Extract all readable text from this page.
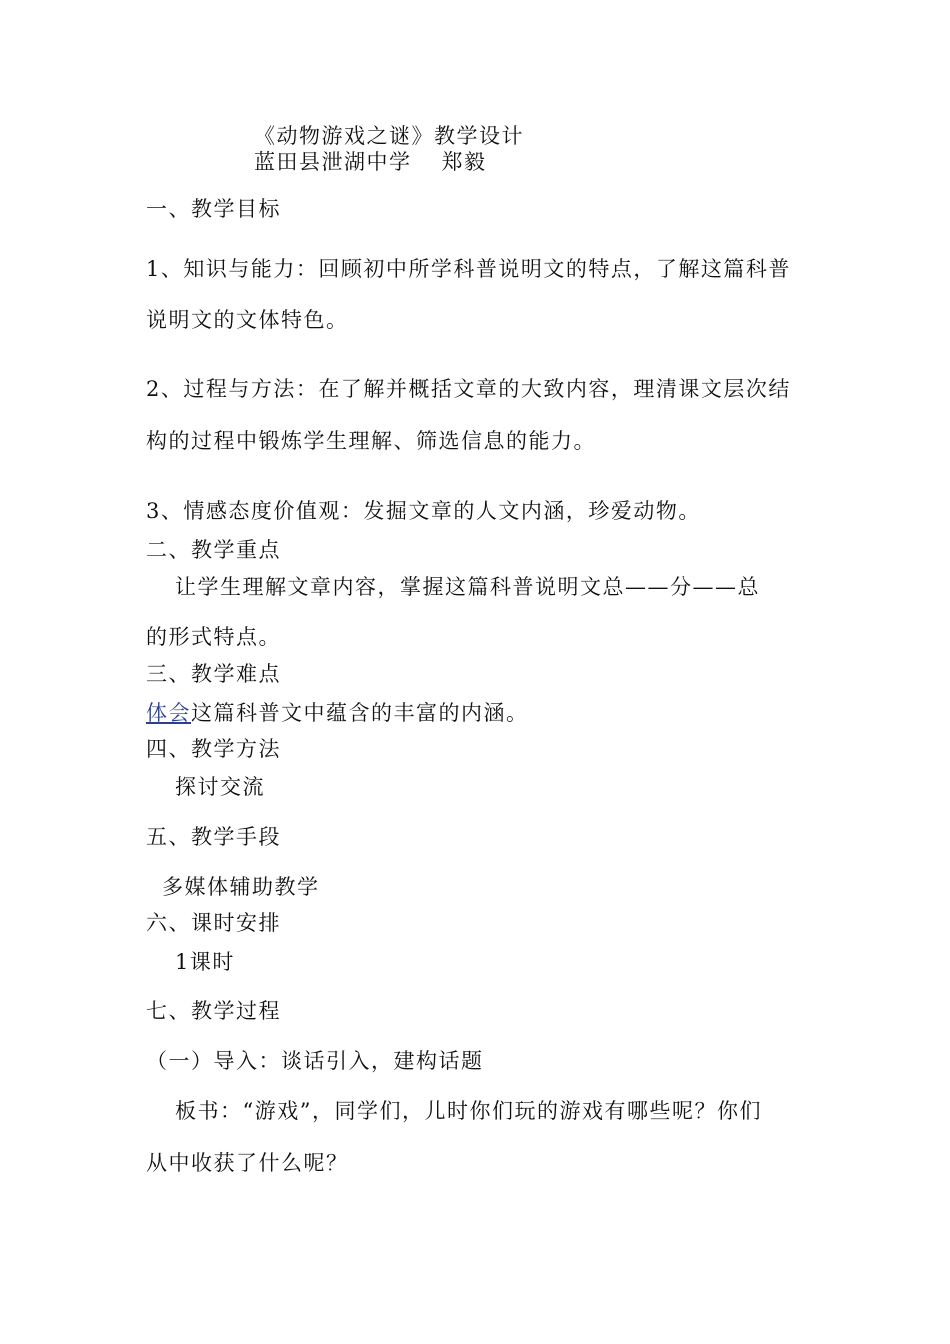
《动物游戏之谜》教学设计
蓝田县泄湖中学 郑毅
一、教学目标
1、知识与能力：回顾初中所学科普说明文的特点，了解这篇科普
说明文的文体特色。
2、过程与方法：在了解并概括文章的大致内容，理清课文层次结
构的过程中锻炼学生理解、筛选信息的能力。
3、情感态度价值观：发掘文章的人文内涵，珍爱动物。
二、教学重点
让学生理解文章内容，掌握这篇科普说明文总——分——总
的形式特点。
三、教学难点
体会这篇科普文中蕴含的丰富的内涵。
四、教学方法
探讨交流
五、教学手段
多媒体辅助教学
六、课时安排
1课时
七、教学过程
（一）导入：谈话引入，建构话题
板书：“游戏”，同学们，儿时你们玩的游戏有哪些呢？你们
从中收获了什么呢？
